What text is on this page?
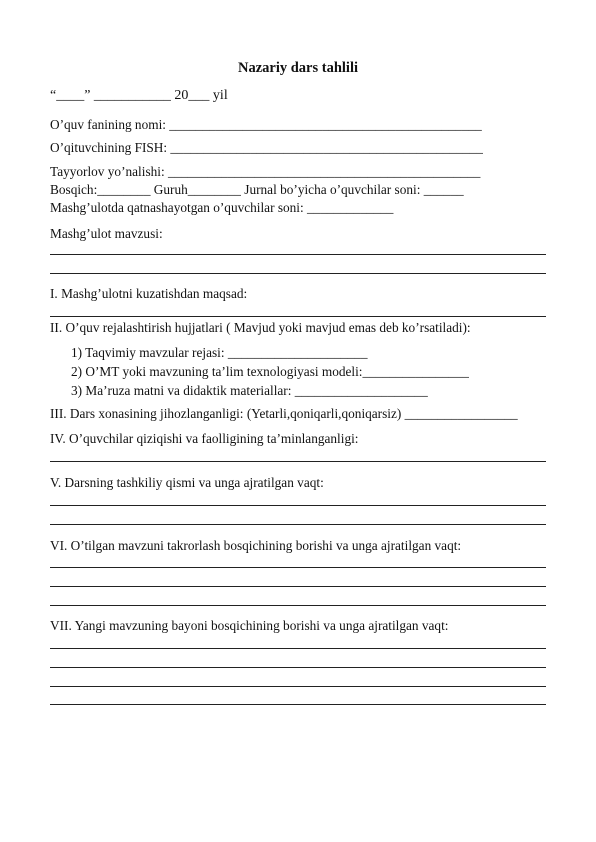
Nazariy dars tahlili
“____” ___________ 20___ yil
O’quv fanining nomi: _______________________________________________
O’qituvchining FISH: _______________________________________________
Tayyorlov yo’nalishi: _______________________________________________
Bosqich:________ Guruh________ Jurnal bo’yicha o’quvchilar soni: ______
Mashg’ulotda qatnashayotgan o’quvchilar soni: _____________
Mashg’ulot mavzusi:
I. Mashg’ulotni kuzatishdan maqsad:
II. O’quv rejalashtirish hujjatlari ( Mavjud yoki mavjud emas deb ko’rsatiladi):
1) Taqvimiy mavzular rejasi: _____________________
2) O’MT yoki mavzuning ta’lim texnologiyasi modeli:________________
3) Ma’ruza matni va didaktik materiallar: ____________________
III. Dars xonasining jihozlanganligi: (Yetarli,qoniqarli,qoniqarsiz) _________________
IV. O’quvchilar qiziqishi va faolligining ta’minlanganligi:
V. Darsning tashkiliy qismi va unga ajratilgan vaqt:
VI. O’tilgan mavzuni takrorlash bosqichining borishi va unga ajratilgan vaqt:
VII. Yangi mavzuning bayoni bosqichining borishi va unga ajratilgan vaqt:
